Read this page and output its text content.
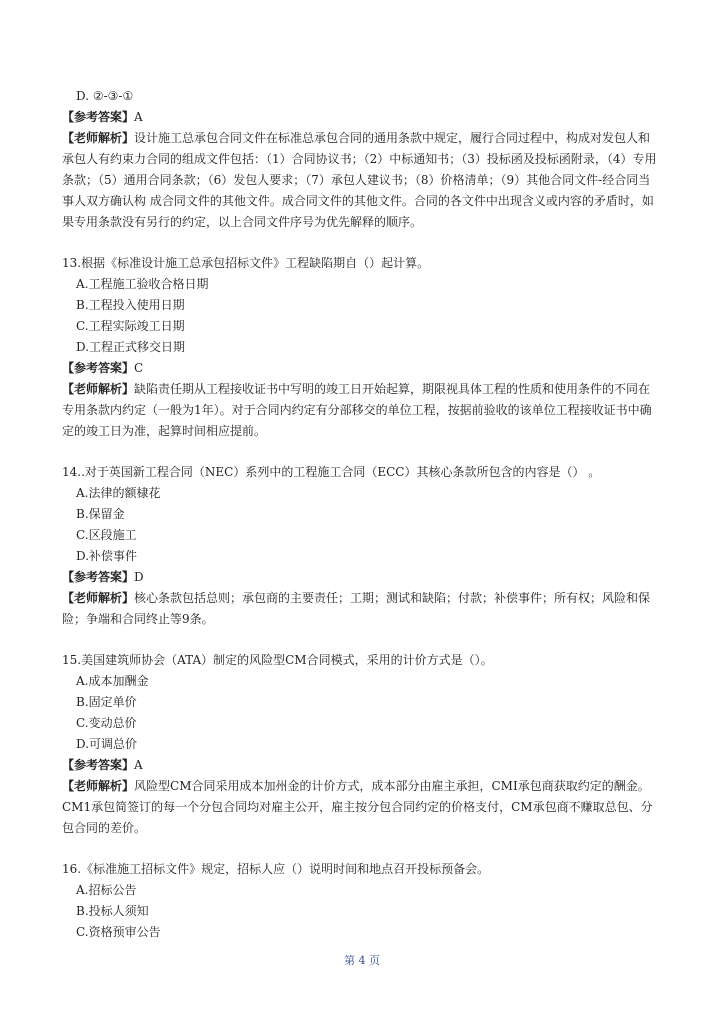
D. ②-③-①
【参考答案】A

【老师解析】设计施工总承包合同文件在标准总承包合同的通用条款中规定，履行合同过程中，构成对发包人和承包人有约束力合同的组成文件包括：（1）合同协议书；（2）中标通知书；（3）投标函及投标函附录，（4）专用条款；（5）通用合同条款；（6）发包人要求；（7）承包人建议书；（8）价格清单；（9）其他合同文件-经合同当事人双方确认构 成合同文件的其他文件。成合同文件的其他文件。合同的各文件中出现含义或内容的矛盾时，如果专用条款没有另行的约定，以上合同文件序号为优先解释的顺序。

13.根据《标准设计施工总承包招标文件》工程缺陷期自（）起计算。
A.工程施工验收合格日期
B.工程投入使用日期
C.工程实际竣工日期
D.工程正式移交日期
【参考答案】C

【老师解析】缺陷责任期从工程接收证书中写明的竣工日开始起算，期限视具体工程的性质和使用条件的不同在专用条款内约定（一般为1年）。对于合同内约定有分部移交的单位工程，按据前验收的该单位工程接收证书中确定的竣工日为准，起算时间相应提前。

14..对于英国新工程合同（NEC）系列中的工程施工合同（ECC）其核心条款所包含的内容是（） 。
A.法律的额棣花
B.保留金
C.区段施工
D.补偿事件
【参考答案】D

【老师解析】核心条款包括总则；承包商的主要责任；工期；测试和缺陷；付款；补偿事件；所有权；风险和保险；争端和合同终止等9条。

15.美国建筑师协会（ATA）制定的风险型CM合同模式，采用的计价方式是（）。
A.成本加酬金
B.固定单价
C.变动总价
D.可调总价
【参考答案】A

【老师解析】风险型CM合同采用成本加州金的计价方式，成本部分由雇主承担，CMI承包商获取约定的酬金。CM1承包简签订的每一个分包合同均对雇主公开，雇主按分包合同约定的价格支付，CM承包商不赚取总包、分包合同的差价。

16.《标准施工招标文件》规定，招标人应（）说明时间和地点召开投标预备会。
A.招标公告
B.投标人须知
C.资格预审公告
第 4 页
